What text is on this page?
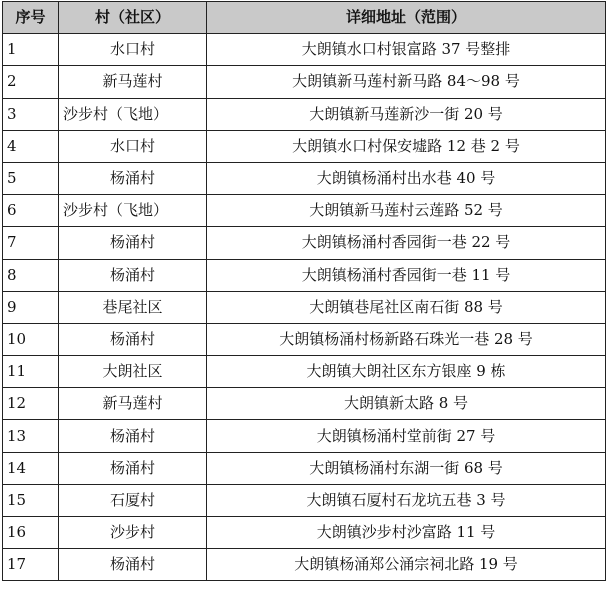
序号	村（社区）	详细地址（范围）
1	水口村	大朗镇水口村银富路 37 号整排
2	新马莲村	大朗镇新马莲村新马路 84～98 号
3	沙步村（飞地）	大朗镇新马莲新沙一街 20 号
4	水口村	大朗镇水口村保安墟路 12 巷 2 号
5	杨涌村	大朗镇杨涌村出水巷 40 号
6	沙步村（飞地）	大朗镇新马莲村云莲路 52 号
7	杨涌村	大朗镇杨涌村香园街一巷 22 号
8	杨涌村	大朗镇杨涌村香园街一巷 11 号
9	巷尾社区	大朗镇巷尾社区南石街 88 号
10	杨涌村	大朗镇杨涌村杨新路石珠光一巷 28 号
11	大朗社区	大朗镇大朗社区东方银座 9 栋
12	新马莲村	大朗镇新太路 8 号
13	杨涌村	大朗镇杨涌村堂前街 27 号
14	杨涌村	大朗镇杨涌村东湖一街 68 号
15	石厦村	大朗镇石厦村石龙坑五巷 3 号
16	沙步村	大朗镇沙步村沙富路 11 号
17	杨涌村	大朗镇杨涌郑公涌宗祠北路 19 号
